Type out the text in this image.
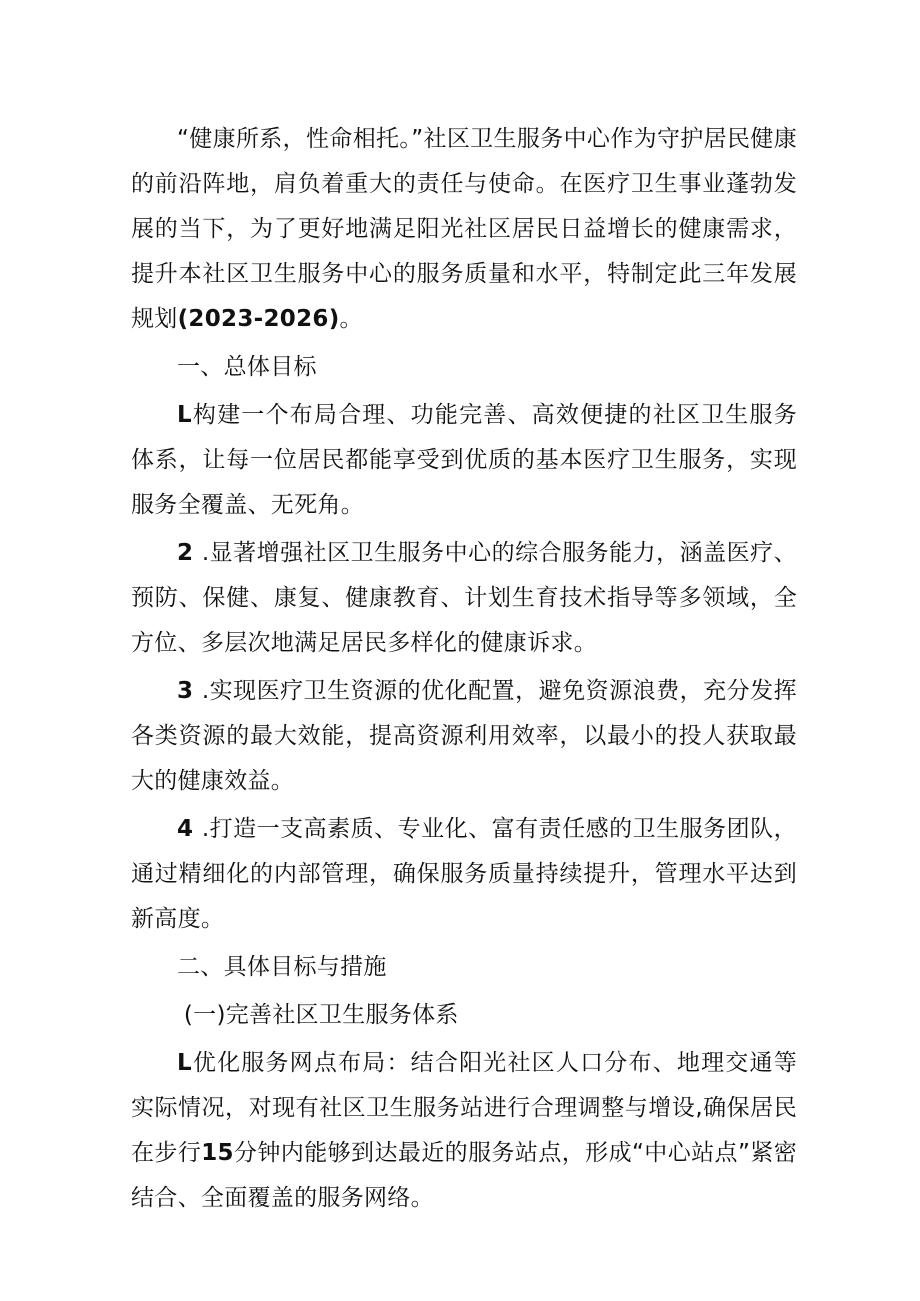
“健康所系，性命相托。”社区卫生服务中心作为守护居民健康的前沿阵地，肩负着重大的责任与使命。在医疗卫生事业蓬勃发展的当下，为了更好地满足阳光社区居民日益增长的健康需求，提升本社区卫生服务中心的服务质量和水平，特制定此三年发展规划(2023-2026)。

一、总体目标

L构建一个布局合理、功能完善、高效便捷的社区卫生服务体系，让每一位居民都能享受到优质的基本医疗卫生服务，实现服务全覆盖、无死角。

2 .显著增强社区卫生服务中心的综合服务能力，涵盖医疗、预防、保健、康复、健康教育、计划生育技术指导等多领域，全方位、多层次地满足居民多样化的健康诉求。

3 .实现医疗卫生资源的优化配置，避免资源浪费，充分发挥各类资源的最大效能，提高资源利用效率，以最小的投人获取最大的健康效益。

4 .打造一支高素质、专业化、富有责任感的卫生服务团队，通过精细化的内部管理，确保服务质量持续提升，管理水平达到新高度。

二、具体目标与措施

(一)完善社区卫生服务体系

L优化服务网点布局：结合阳光社区人口分布、地理交通等实际情况，对现有社区卫生服务站进行合理调整与增设,确保居民在步行15分钟内能够到达最近的服务站点，形成“中心站点”紧密结合、全面覆盖的服务网络。
